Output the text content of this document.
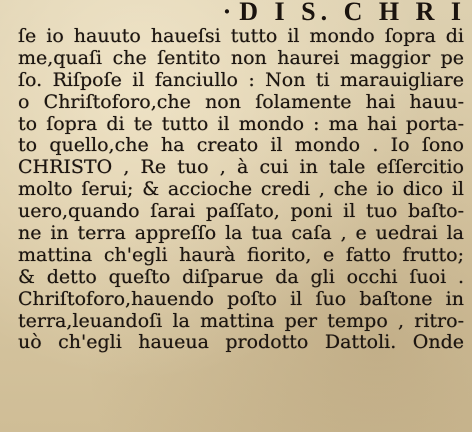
· D I S. C H R I
ſe io hauuto haueſsi tutto il mondo ſopra di
me,quaſi che ſentito non haurei maggior pe
ſo. Riſpoſe il fanciullo : Non ti marauigliare
o Chriſtoforo,che non ſolamente hai hauu-
to ſopra di te tutto il mondo : ma hai porta-
to quello,che ha creato il mondo . Io ſono
CHRISTO , Re tuo , à cui in tale eſſercitio
molto ſerui; & accioche credi , che io dico il
uero,quando ſarai paſſato, poni il tuo baſto-
ne in terra appreſſo la tua caſa , e uedrai la
mattina ch'egli haurà fiorito, e fatto frutto;
& detto queſto diſparue da gli occhi ſuoi .
Chriſtoforo,hauendo poſto il ſuo baſtone in
terra,leuandoſi la mattina per tempo , ritro-
uò ch'egli haueua prodotto Dattoli. Onde
